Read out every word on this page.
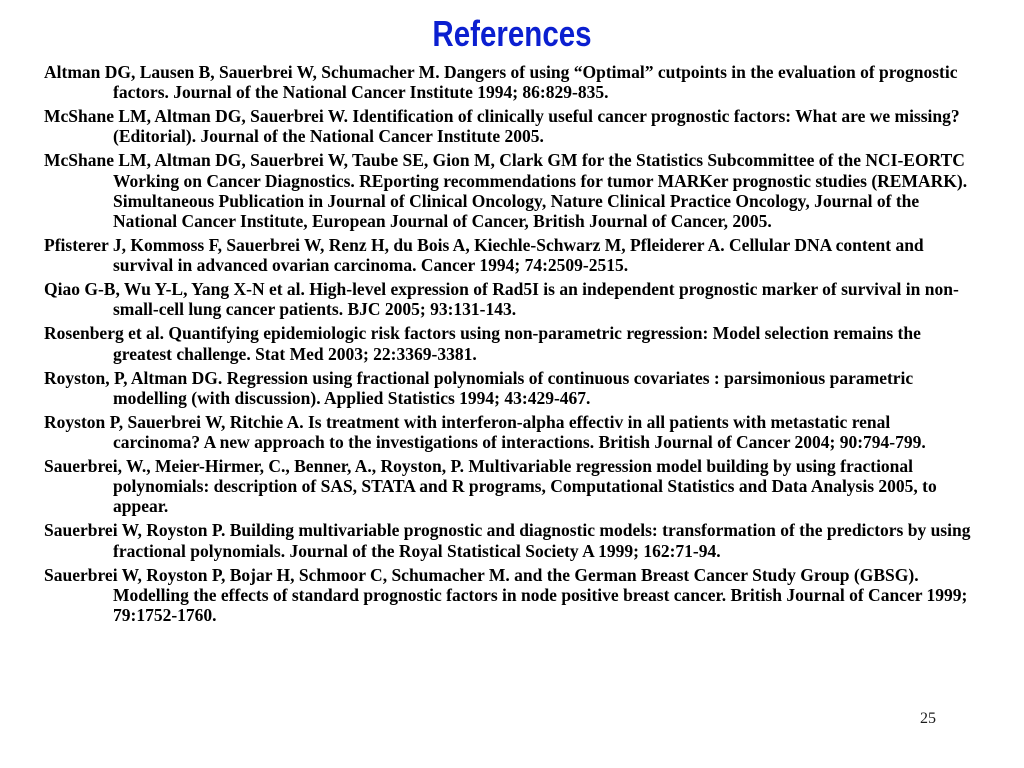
References
Altman DG, Lausen B, Sauerbrei W, Schumacher M. Dangers of using “Optimal” cutpoints in the evaluation of prognostic factors. Journal of the National Cancer Institute 1994; 86:829-835.
McShane LM, Altman DG, Sauerbrei W. Identification of clinically useful cancer prognostic factors: What are we missing? (Editorial). Journal of the National Cancer Institute 2005.
McShane LM, Altman DG, Sauerbrei W, Taube SE, Gion M, Clark GM for the Statistics Subcommittee of the NCI-EORTC Working on Cancer Diagnostics. REporting recommendations for tumor MARKer prognostic studies (REMARK). Simultaneous Publication in Journal of Clinical Oncology, Nature Clinical Practice Oncology, Journal of the National Cancer Institute, European Journal of Cancer, British Journal of Cancer, 2005.
Pfisterer J, Kommoss F, Sauerbrei W, Renz H, du Bois A, Kiechle-Schwarz M, Pfleiderer A. Cellular DNA content and survival in advanced ovarian carcinoma. Cancer 1994; 74:2509-2515.
Qiao G-B, Wu Y-L, Yang X-N et al. High-level expression of Rad5I is an independent prognostic marker of survival in non-small-cell lung cancer patients. BJC 2005; 93:131-143.
Rosenberg et al. Quantifying epidemiologic risk factors using non-parametric regression: Model selection remains the greatest challenge. Stat Med 2003; 22:3369-3381.
Royston, P, Altman DG. Regression using fractional polynomials of continuous covariates : parsimonious parametric modelling (with discussion). Applied Statistics 1994; 43:429-467.
Royston P, Sauerbrei W, Ritchie A. Is treatment with interferon-alpha effectiv in all patients with metastatic renal carcinoma? A new approach to the investigations of interactions. British Journal of Cancer 2004; 90:794-799.
Sauerbrei, W., Meier-Hirmer, C., Benner, A., Royston, P. Multivariable regression model building by using fractional polynomials: description of SAS, STATA and R programs, Computational Statistics and Data Analysis 2005, to appear.
Sauerbrei W, Royston P. Building multivariable prognostic and diagnostic models: transformation of the predictors by using fractional polynomials. Journal of the Royal Statistical Society A 1999; 162:71-94.
Sauerbrei W, Royston P, Bojar H, Schmoor C, Schumacher M. and the German Breast Cancer Study Group (GBSG). Modelling the effects of standard prognostic factors in node positive breast cancer. British Journal of Cancer 1999; 79:1752-1760.
25
